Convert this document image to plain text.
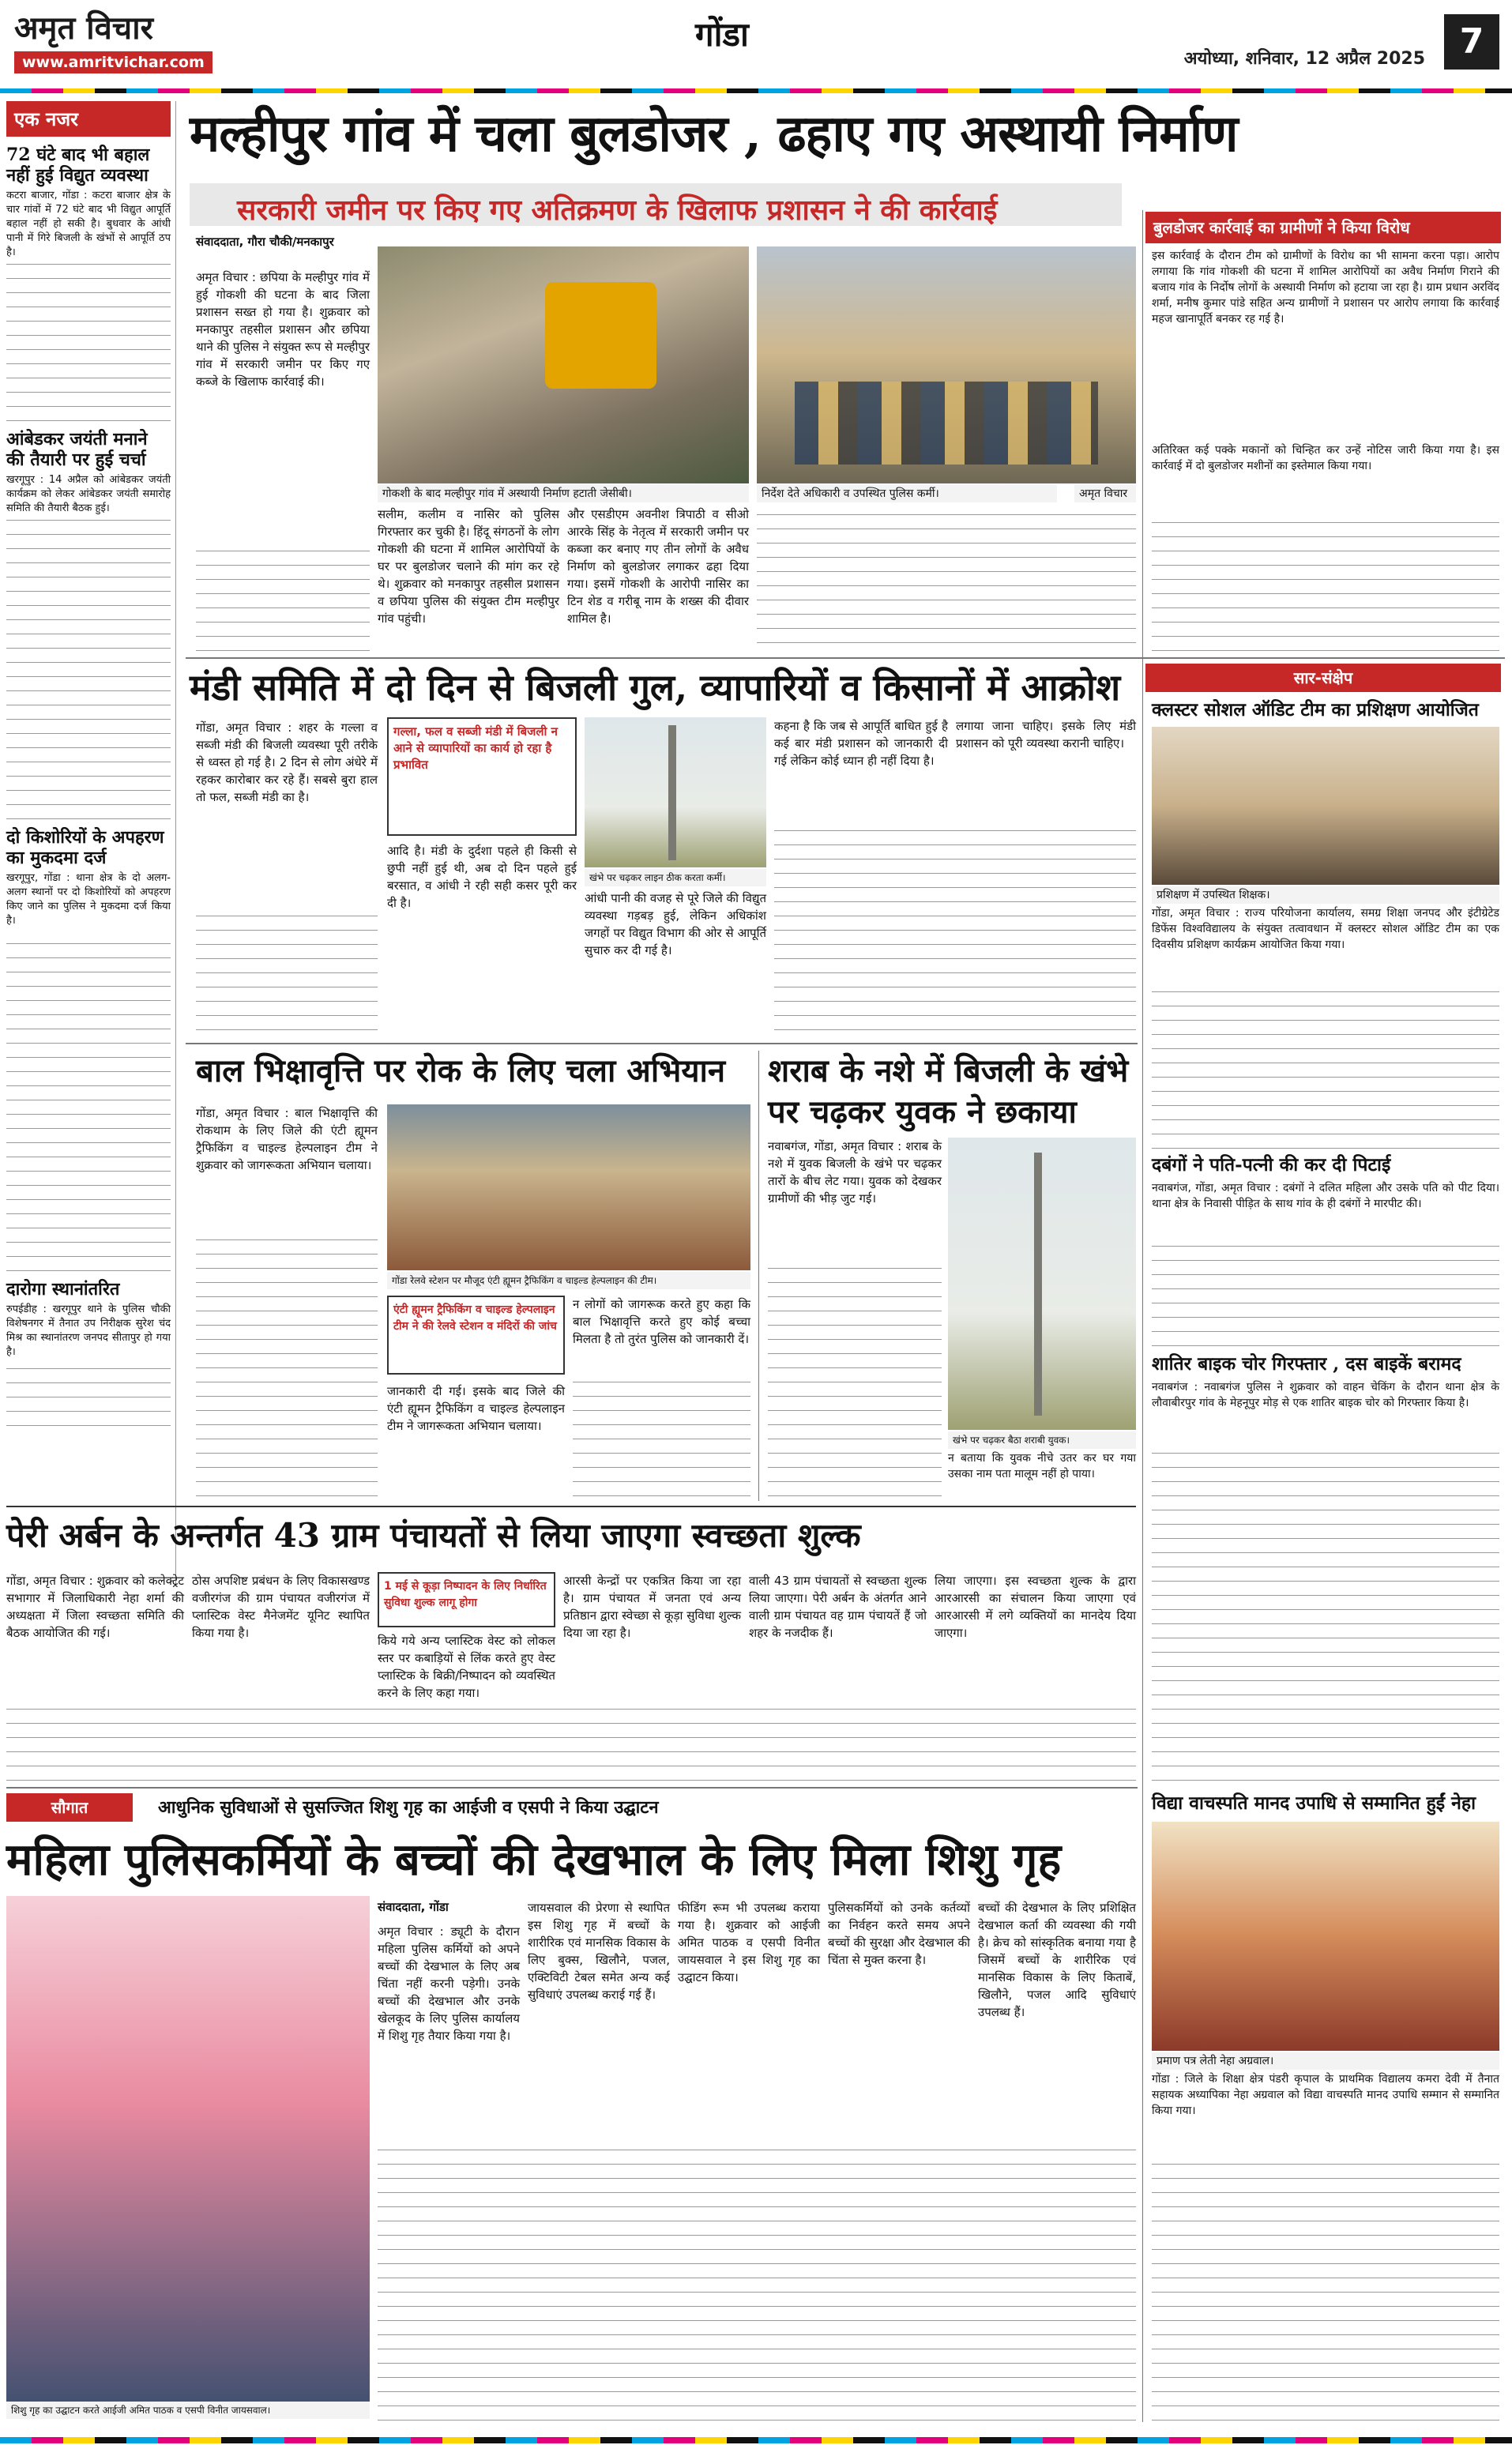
अमृत विचार
www.amritvichar.com
गोंडा
अयोध्या, शनिवार, 12 अप्रैल 2025 7
एक नजर
72 घंटे बाद भी बहाल नहीं हुई विद्युत व्यवस्था
कटरा बाजार, गोंडा : कटरा बाजार क्षेत्र के चार गांवों में 72 घंटे बाद भी विद्युत आपूर्ति बहाल नहीं हो सकी है। बुधवार के आंधी पानी में गिरे बिजली के खंभों से आपूर्ति ठप है।
आंबेडकर जयंती मनाने की तैयारी पर हुई चर्चा
खरगूपुर : 14 अप्रैल को आंबेडकर जयंती कार्यक्रम को लेकर आंबेडकर जयंती समारोह समिति की तैयारी बैठक हुई।
दो किशोरियों के अपहरण का मुकदमा दर्ज
खरगूपुर, गोंडा : थाना क्षेत्र के दो अलग-अलग स्थानों पर दो किशोरियों को अपहरण किए जाने का पुलिस ने मुकदमा दर्ज किया है।
दारोगा स्थानांतरित
रुपईडीह : खरगूपुर थाने के पुलिस चौकी विशेषनगर में तैनात उप निरीक्षक सुरेश चंद मिश्र का स्थानांतरण जनपद सीतापुर हो गया है।
मल्हीपुर गांव में चला बुलडोजर , ढहाए गए अस्थायी निर्माण
सरकारी जमीन पर किए गए अतिक्रमण के खिलाफ प्रशासन ने की कार्रवाई
संवाददाता, गौरा चौकी/मनकापुर
अमृत विचार : छपिया के मल्हीपुर गांव में हुई गोकशी की घटना के बाद जिला प्रशासन सख्त हो गया है। शुक्रवार को मनकापुर तहसील प्रशासन और छपिया थाने की पुलिस ने संयुक्त रूप से मल्हीपुर गांव में सरकारी जमीन पर किए गए कब्जे के खिलाफ कार्रवाई की।
गोकशी के बाद मल्हीपुर गांव में अस्थायी निर्माण हटाती जेसीबी।	निर्देश देते अधिकारी व उपस्थित पुलिस कर्मी।	अमृत विचार
सलीम, कलीम व नासिर को पुलिस गिरफ्तार कर चुकी है। हिंदू संगठनों के लोग गोकशी की घटना में शामिल आरोपियों के घर पर बुलडोजर चलाने की मांग कर रहे थे। शुक्रवार को मनकापुर तहसील प्रशासन व छपिया पुलिस की संयुक्त टीम मल्हीपुर गांव पहुंची।
और एसडीएम अवनीश त्रिपाठी व सीओ आरके सिंह के नेतृत्व में सरकारी जमीन पर कब्जा कर बनाए गए तीन लोगों के अवैध निर्माण को बुलडोजर लगाकर ढहा दिया गया। इसमें गोकशी के आरोपी नासिर का टिन शेड व गरीबू नाम के शख्स की दीवार शामिल है।
बुलडोजर कार्रवाई का ग्रामीणों ने किया विरोध
इस कार्रवाई के दौरान टीम को ग्रामीणों के विरोध का भी सामना करना पड़ा। आरोप लगाया कि गांव गोकशी की घटना में शामिल आरोपियों का अवैध निर्माण गिराने की बजाय गांव के निर्दोष लोगों के अस्थायी निर्माण को हटाया जा रहा है। ग्राम प्रधान अरविंद शर्मा, मनीष कुमार पांडे सहित अन्य ग्रामीणों ने प्रशासन पर आरोप लगाया कि कार्रवाई महज खानापूर्ति बनकर रह गई है।
अतिरिक्त कई पक्के मकानों को चिन्हित कर उन्हें नोटिस जारी किया गया है। इस कार्रवाई में दो बुलडोजर मशीनों का इस्तेमाल किया गया।
मंडी समिति में दो दिन से बिजली गुल, व्यापारियों व किसानों में आक्रोश
गोंडा, अमृत विचार : शहर के गल्ला व सब्जी मंडी की बिजली व्यवस्था पूरी तरीके से ध्वस्त हो गई है। 2 दिन से लोग अंधेरे में रहकर कारोबार कर रहे हैं। सबसे बुरा हाल तो फल, सब्जी मंडी का है।
गल्ला, फल व सब्जी मंडी में बिजली न आने से व्यापारियों का कार्य हो रहा है प्रभावित
आदि है। मंडी के दुर्दशा पहले ही किसी से छुपी नहीं हुई थी, अब दो दिन पहले हुई बरसात, व आंधी ने रही सही कसर पूरी कर दी है।
खंभे पर चढ़कर लाइन ठीक करता कर्मी।
आंधी पानी की वजह से पूरे जिले की विद्युत व्यवस्था गड़बड़ हुई, लेकिन अधिकांश जगहों पर विद्युत विभाग की ओर से आपूर्ति सुचारु कर दी गई है।
कहना है कि जब से आपूर्ति बाधित हुई है कई बार मंडी प्रशासन को जानकारी दी गई लेकिन कोई ध्यान ही नहीं दिया है।
लगाया जाना चाहिए। इसके लिए मंडी प्रशासन को पूरी व्यवस्था करानी चाहिए।
सार-संक्षेप
क्लस्टर सोशल ऑडिट टीम का प्रशिक्षण आयोजित
प्रशिक्षण में उपस्थित शिक्षक।
गोंडा, अमृत विचार : राज्य परियोजना कार्यालय, समग्र शिक्षा जनपद और इंटीग्रेटेड डिफेंस विश्वविद्यालय के संयुक्त तत्वावधान में क्लस्टर सोशल ऑडिट टीम का एक दिवसीय प्रशिक्षण कार्यक्रम आयोजित किया गया।
दबंगों ने पति-पत्नी की कर दी पिटाई
नवाबगंज, गोंडा, अमृत विचार : दबंगों ने दलित महिला और उसके पति को पीट दिया। थाना क्षेत्र के निवासी पीड़ित के साथ गांव के ही दबंगों ने मारपीट की।
शातिर बाइक चोर गिरफ्तार , दस बाइकें बरामद
नवाबगंज : नवाबगंज पुलिस ने शुक्रवार को वाहन चेकिंग के दौरान थाना क्षेत्र के लौवाबीरपुर गांव के मेहनूपुर मोड़ से एक शातिर बाइक चोर को गिरफ्तार किया है।
विद्या वाचस्पति मानद उपाधि से सम्मानित हुईं नेहा
प्रमाण पत्र लेती नेहा अग्रवाल।
गोंडा : जिले के शिक्षा क्षेत्र पंडरी कृपाल के प्राथमिक विद्यालय कमरा देवी में तैनात सहायक अध्यापिका नेहा अग्रवाल को विद्या वाचस्पति मानद उपाधि सम्मान से सम्मानित किया गया।
बाल भिक्षावृत्ति पर रोक के लिए चला अभियान
गोंडा, अमृत विचार : बाल भिक्षावृत्ति की रोकथाम के लिए जिले की एंटी ह्यूमन ट्रैफिकिंग व चाइल्ड हेल्पलाइन टीम ने शुक्रवार को जागरूकता अभियान चलाया।
गोंडा रेलवे स्टेशन पर मौजूद एंटी ह्यूमन ट्रैफिकिंग व चाइल्ड हेल्पलाइन की टीम।
एंटी ह्यूमन ट्रैफिकिंग व चाइल्ड हेल्पलाइन टीम ने की रेलवे स्टेशन व मंदिरों की जांच
जानकारी दी गई। इसके बाद जिले की एंटी ह्यूमन ट्रैफिकिंग व चाइल्ड हेल्पलाइन टीम ने जागरूकता अभियान चलाया।
न लोगों को जागरूक करते हुए कहा कि बाल भिक्षावृत्ति करते हुए कोई बच्चा मिलता है तो तुरंत पुलिस को जानकारी दें।
शराब के नशे में बिजली के खंभे पर चढ़कर युवक ने छकाया
नवाबगंज, गोंडा, अमृत विचार : शराब के नशे में युवक बिजली के खंभे पर चढ़कर तारों के बीच लेट गया। युवक को देखकर ग्रामीणों की भीड़ जुट गई।
खंभे पर चढ़कर बैठा शराबी युवक।
न बताया कि युवक नीचे उतर कर घर गया उसका नाम पता मालूम नहीं हो पाया।
पेरी अर्बन के अन्तर्गत 43 ग्राम पंचायतों से लिया जाएगा स्वच्छता शुल्क
गोंडा, अमृत विचार : शुक्रवार को कलेक्ट्रेट सभागार में जिलाधिकारी नेहा शर्मा की अध्यक्षता में जिला स्वच्छता समिति की बैठक आयोजित की गई।
ठोस अपशिष्ट प्रबंधन के लिए विकासखण्ड वजीरगंज की ग्राम पंचायत वजीरगंज में प्लास्टिक वेस्ट मैनेजमेंट यूनिट स्थापित किया गया है।
1 मई से कूड़ा निष्पादन के लिए निर्धारित सुविधा शुल्क लागू होगा
किये गये अन्य प्लास्टिक वेस्ट को लोकल स्तर पर कबाड़ियों से लिंक करते हुए वेस्ट प्लास्टिक के बिक्री/निष्पादन को व्यवस्थित करने के लिए कहा गया।
आरसी केन्द्रों पर एकत्रित किया जा रहा है। ग्राम पंचायत में जनता एवं अन्य प्रतिष्ठान द्वारा स्वेच्छा से कूड़ा सुविधा शुल्क दिया जा रहा है।
वाली 43 ग्राम पंचायतों से स्वच्छता शुल्क लिया जाएगा। पेरी अर्बन के अंतर्गत आने वाली ग्राम पंचायत वह ग्राम पंचायतें हैं जो शहर के नजदीक हैं।
लिया जाएगा। इस स्वच्छता शुल्क के द्वारा आरआरसी का संचालन किया जाएगा एवं आरआरसी में लगे व्यक्तियों का मानदेय दिया जाएगा।
सौगात	आधुनिक सुविधाओं से सुसज्जित शिशु गृह का आईजी व एसपी ने किया उद्घाटन
महिला पुलिसकर्मियों के बच्चों की देखभाल के लिए मिला शिशु गृह
शिशु गृह का उद्घाटन करते आईजी अमित पाठक व एसपी विनीत जायसवाल।
संवाददाता, गोंडा
अमृत विचार : ड्यूटी के दौरान महिला पुलिस कर्मियों को अपने बच्चों की देखभाल के लिए अब चिंता नहीं करनी पड़ेगी। उनके बच्चों की देखभाल और उनके खेलकूद के लिए पुलिस कार्यालय में शिशु गृह तैयार किया गया है।
जायसवाल की प्रेरणा से स्थापित इस शिशु गृह में बच्चों के शारीरिक एवं मानसिक विकास के लिए बुक्स, खिलौने, पजल, एक्टिविटी टेबल समेत अन्य कई सुविधाएं उपलब्ध कराई गई हैं।
फीडिंग रूम भी उपलब्ध कराया गया है। शुक्रवार को आईजी अमित पाठक व एसपी विनीत जायसवाल ने इस शिशु गृह का उद्घाटन किया।
पुलिसकर्मियों को उनके कर्तव्यों का निर्वहन करते समय अपने बच्चों की सुरक्षा और देखभाल की चिंता से मुक्त करना है।
बच्चों की देखभाल के लिए प्रशिक्षित देखभाल कर्ता की व्यवस्था की गयी है। क्रेच को सांस्कृतिक बनाया गया है जिसमें बच्चों के शारीरिक एवं मानसिक विकास के लिए किताबें, खिलौने, पजल आदि सुविधाएं उपलब्ध हैं।
